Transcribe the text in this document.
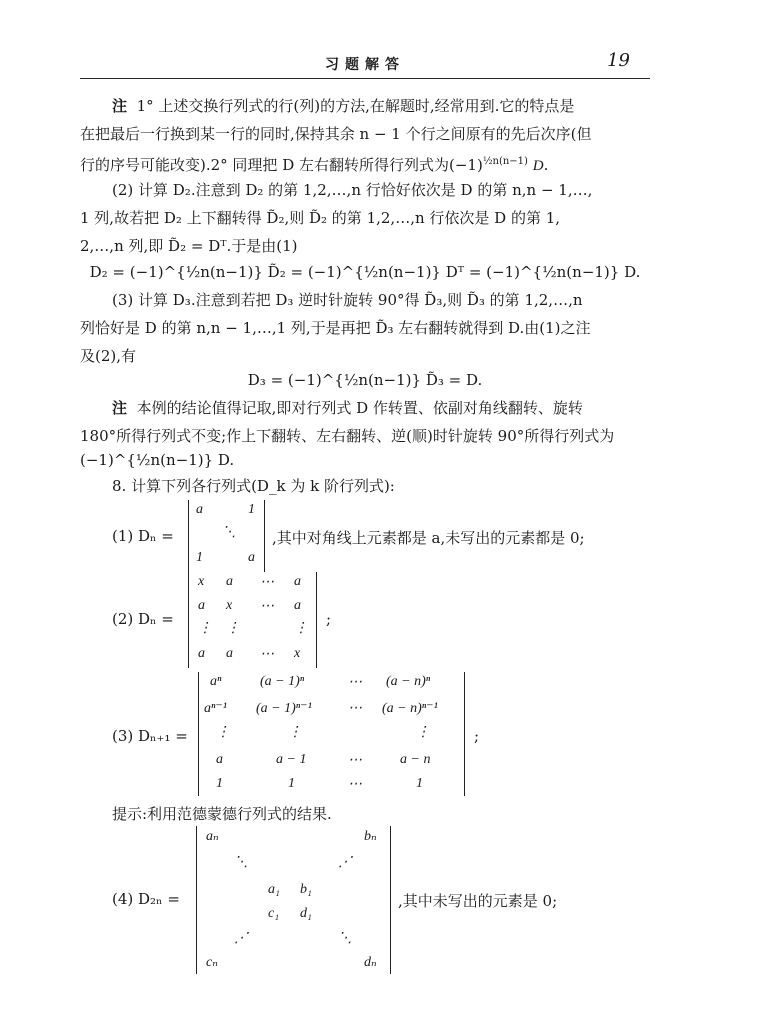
习题解答	19
注 1° 上述交换行列式的行(列)的方法,在解题时,经常用到.它的特点是
在把最后一行换到某一行的同时,保持其余 n − 1 个行之间原有的先后次序(但
行的序号可能改变).2° 同理把 D 左右翻转所得行列式为$(-1)^{\frac{1}{2}n(n-1)}$ D.
(2) 计算 D₂.注意到 D₂ 的第 1,2,…,n 行恰好依次是 D 的第 n,n − 1,…,
1 列,故若把 D₂ 上下翻转得 D̃₂,则 D̃₂ 的第 1,2,…,n 行依次是 D 的第 1,
2,…,n 列,即 D̃₂ = Dᵀ.于是由(1)
D₂ = (−1)^{½n(n−1)} D̃₂ = (−1)^{½n(n−1)} Dᵀ = (−1)^{½n(n−1)} D.
(3) 计算 D₃.注意到若把 D₃ 逆时针旋转 90°得 D̃₃,则 D̃₃ 的第 1,2,…,n
列恰好是 D 的第 n,n − 1,…,1 列,于是再把 D̃₃ 左右翻转就得到 D.由(1)之注
及(2),有
D₃ = (−1)^{½n(n−1)} D̃₃ = D.
注 本例的结论值得记取,即对行列式 D 作转置、依副对角线翻转、旋转
180°所得行列式不变;作上下翻转、左右翻转、逆(顺)时针旋转 90°所得行列式为
(−1)^{½n(n−1)} D.
8. 计算下列各行列式(D_k 为 k 阶行列式):
(1) Dₙ =
a	1
⋱
1	a
,其中对角线上元素都是 a,未写出的元素都是 0;
(2) Dₙ =
x a ⋯ a
a x ⋯ a
⋮ ⋮	⋮
a a ⋯ x
;
(3) Dₙ₊₁ =
aⁿ	(a − 1)ⁿ	⋯ (a − n)ⁿ
aⁿ⁻¹ (a − 1)ⁿ⁻¹	⋯ (a − n)ⁿ⁻¹
⋮	⋮	⋮
a	a − 1	⋯	a − n
1	1	⋯	1
;
提示:利用范德蒙德行列式的结果.
(4) D₂ₙ =
aₙ	bₙ
⋱	⋰
a₁ b₁
c₁ d₁
⋰	⋱
cₙ	dₙ
,其中未写出的元素是 0;
